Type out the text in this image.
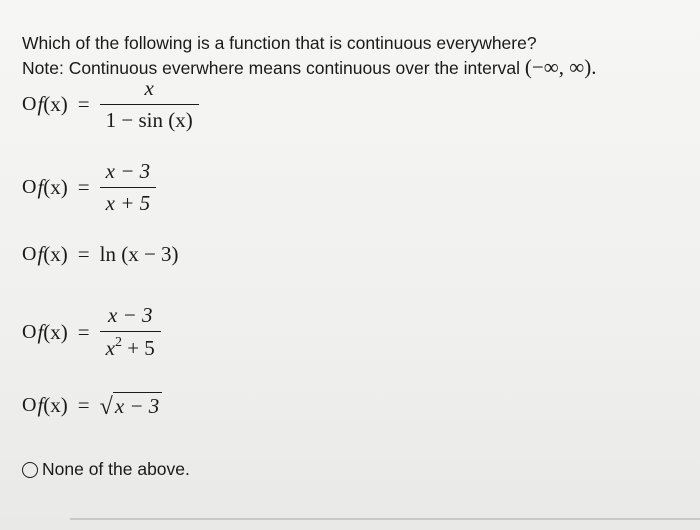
Which of the following is a function that is continuous everywhere?
Note: Continuous everwhere means continuous over the interval (−∞, ∞).
O $f(x) = \frac{x}{1 - \sin (x)}$
O $f(x) = \frac{x - 3}{x + 5}$
O f(x) = ln (x − 3)
O $f(x) = \frac{x - 3}{x^2 + 5}$
O f(x) = √ x − 3
None of the above.
